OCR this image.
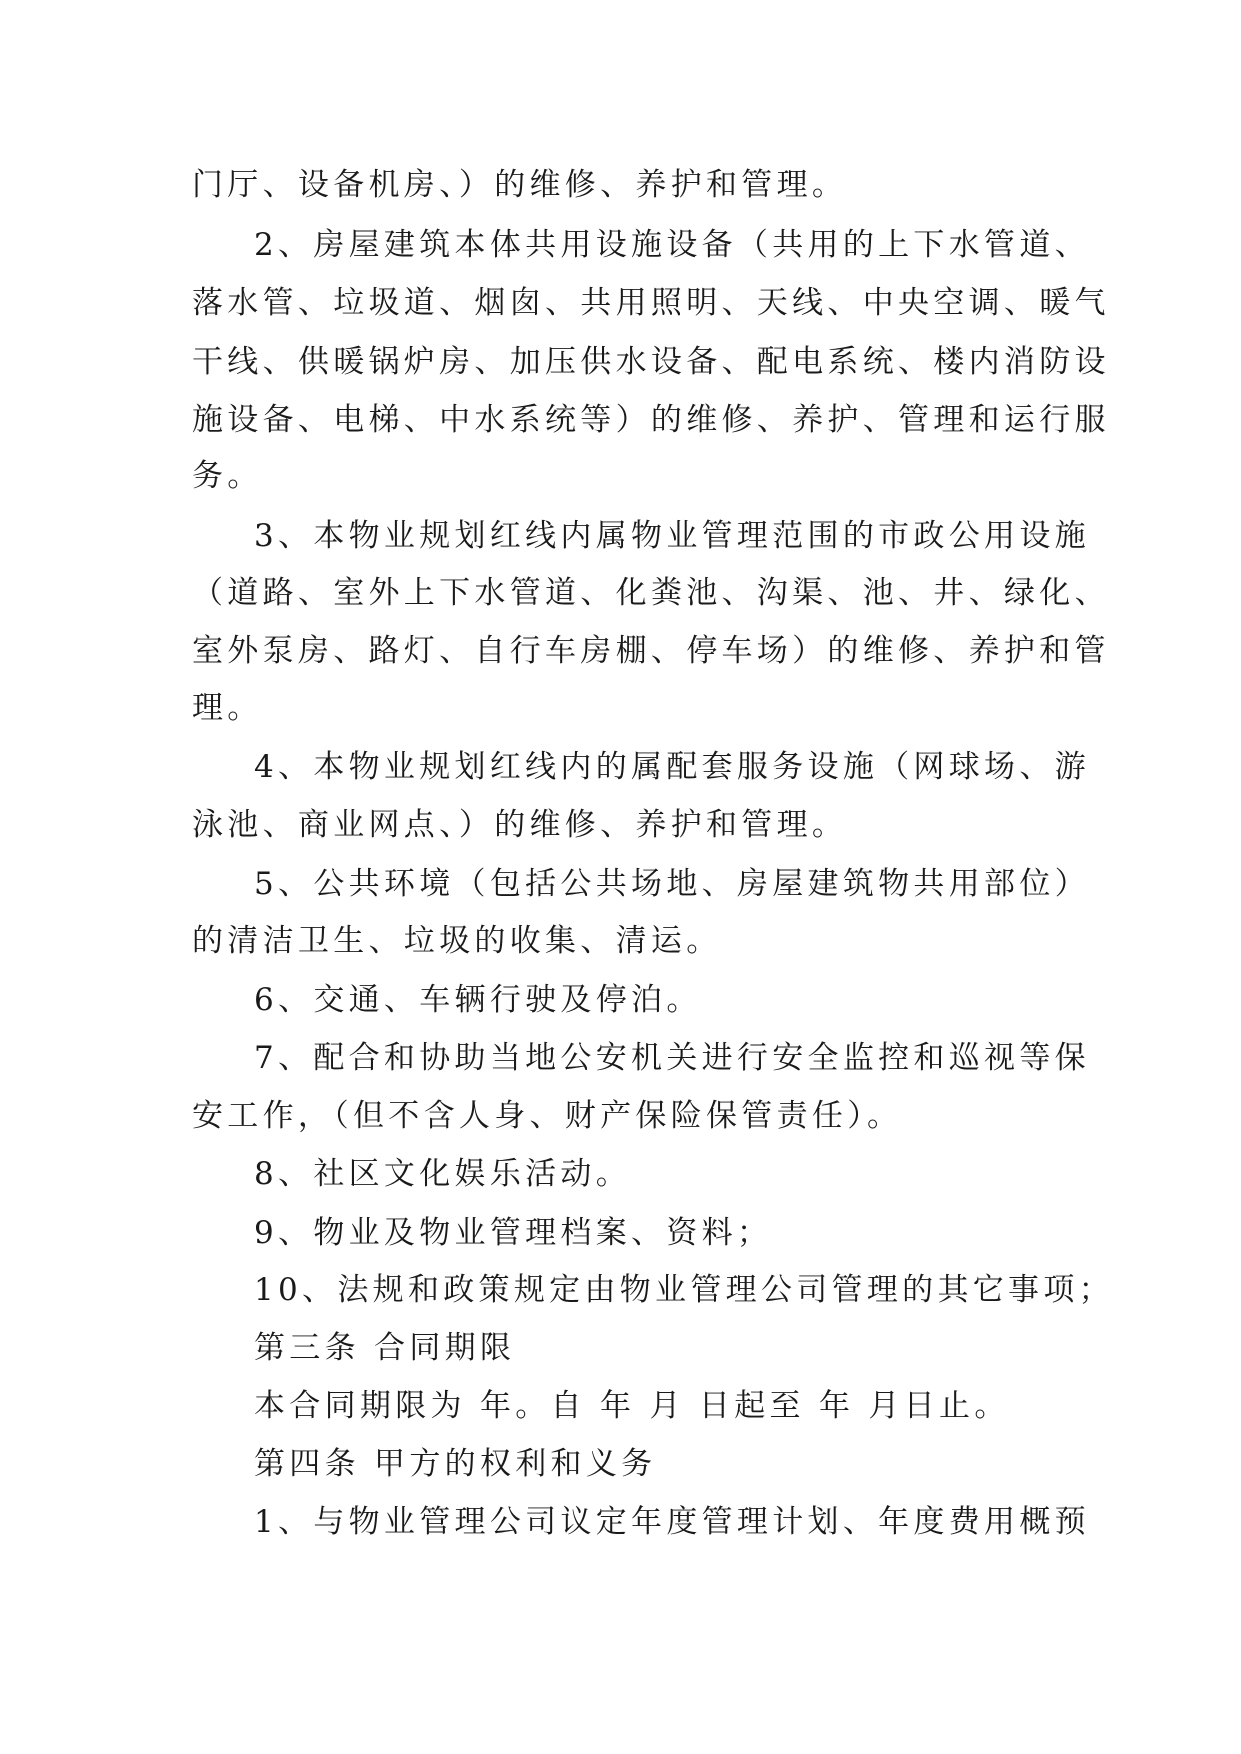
门厅、设备机房、）的维修、养护和管理。
2、房屋建筑本体共用设施设备（共用的上下水管道、
落水管、垃圾道、烟囱、共用照明、天线、中央空调、暖气
干线、供暖锅炉房、加压供水设备、配电系统、楼内消防设
施设备、电梯、中水系统等）的维修、养护、管理和运行服
务。
3、本物业规划红线内属物业管理范围的市政公用设施
（道路、室外上下水管道、化粪池、沟渠、池、井、绿化、
室外泵房、路灯、自行车房棚、停车场）的维修、养护和管
理。
4、本物业规划红线内的属配套服务设施（网球场、游
泳池、商业网点、）的维修、养护和管理。
5、公共环境（包括公共场地、房屋建筑物共用部位）
的清洁卫生、垃圾的收集、清运。
6、交通、车辆行驶及停泊。
7、配合和协助当地公安机关进行安全监控和巡视等保
安工作，（但不含人身、财产保险保管责任）。
8、社区文化娱乐活动。
9、物业及物业管理档案、资料；
10、法规和政策规定由物业管理公司管理的其它事项；
第三条 合同期限
本合同期限为 年。自 年 月 日起至 年 月日止。
第四条 甲方的权利和义务
1、与物业管理公司议定年度管理计划、年度费用概预
